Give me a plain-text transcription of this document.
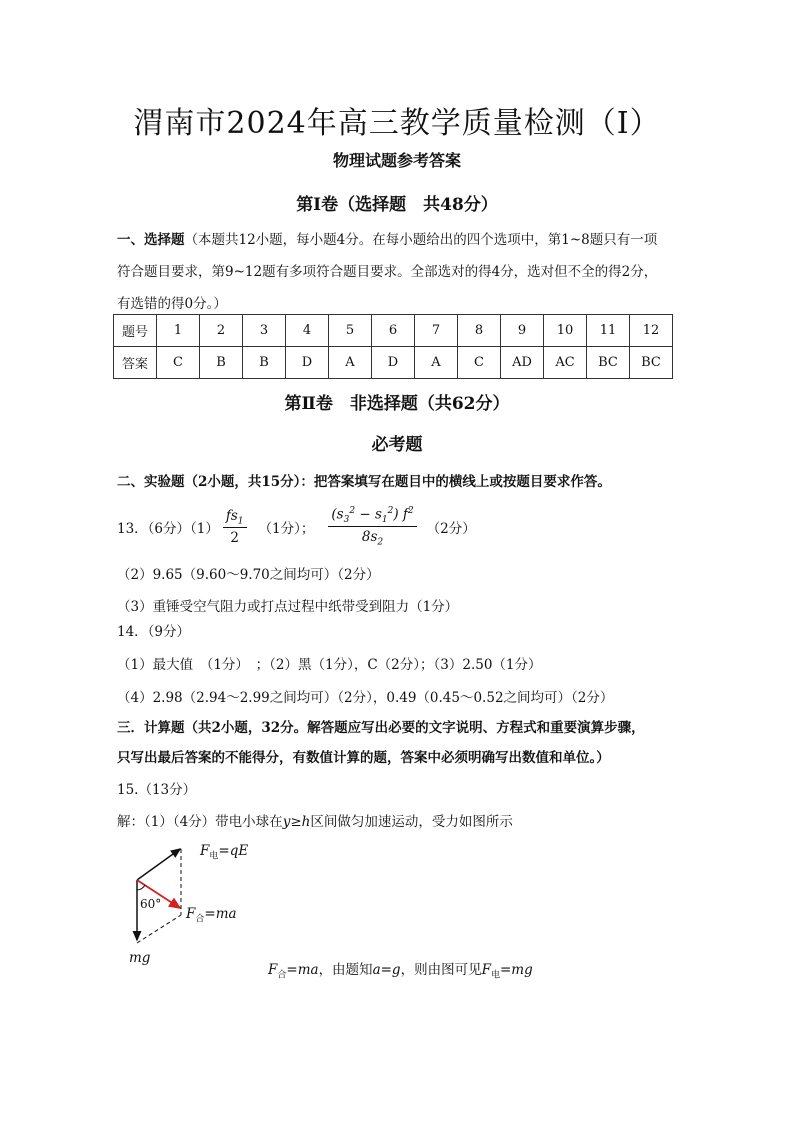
渭南市2024年高三教学质量检测（Ⅰ）
物理试题参考答案
第Ⅰ卷（选择题　共48分）
一、选择题（本题共12小题，每小题4分。在每小题给出的四个选项中，第1~8题只有一项
符合题目要求，第9~12题有多项符合题目要求。全部选对的得4分，选对但不全的得2分，
有选错的得0分。）
题号	1	2	3	4	5	6	7	8	9	10	11	12
答案	C	B	B	D	A	D	A	C	AD	AC	BC	BC
第Ⅱ卷　非选择题（共62分）
必考题
二、实验题（2小题，共15分）：把答案填写在题目中的横线上或按题目要求作答。
13．（6分）$(1) \frac{fs_1}{2} (1$分）； $\frac{(s_3^2 - s_1^2) f^2}{8s_2} (2$分）
（2）9.65（9.60～9.70之间均可）（2分）
（3）重锤受空气阻力或打点过程中纸带受到阻力（1分）
14．（9分）
（1）最大值　（1分）　；（2）黑（1分），C（2分）；（3）2.50（1分）
（4）2.98（2.94～2.99之间均可）（2分），0.49（0.45～0.52之间均可）（2分）
三．计算题（共2小题，32分。解答题应写出必要的文字说明、方程式和重要演算步骤，
只写出最后答案的不能得分，有数值计算的题，答案中必须明确写出数值和单位。）
15.（13分）
解：（1）（4分）带电小球在y≥h区间做匀加速运动，受力如图所示
$F_电=qE$
$F_合=ma$
60°
mg
$F_合=ma$，由题知a=g，则由图可见$F_电=mg$
